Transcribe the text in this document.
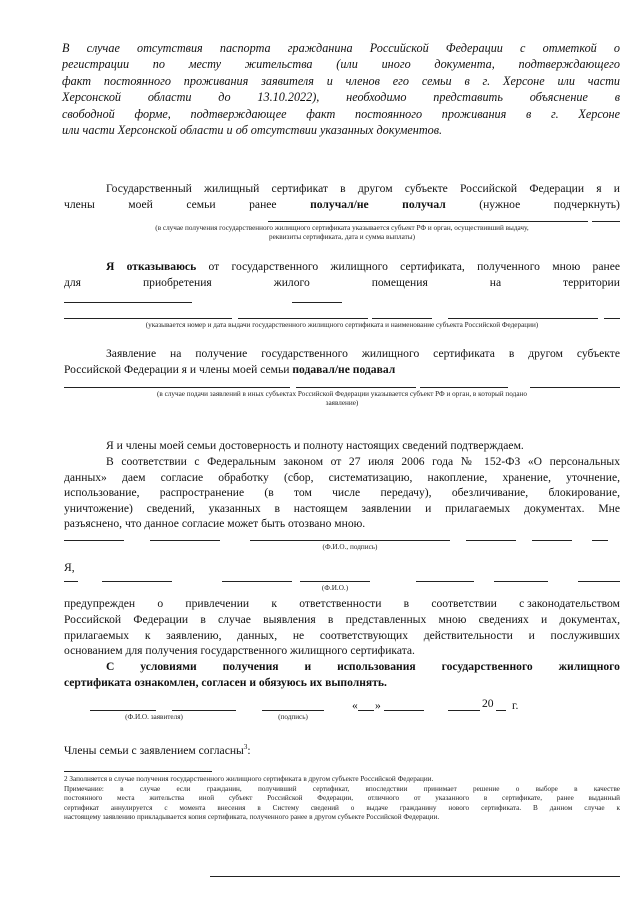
В случае отсутствия паспорта гражданина Российской Федерации с отметкой о
регистрации по месту жительства (или иного документа, подтверждающего
факт постоянного проживания заявителя и членов его семьи в г. Херсоне или части
Херсонской области до 13.10.2022), необходимо представить объяснение в
свободной форме, подтверждающее факт постоянного проживания в г. Херсоне
или части Херсонской области и об отсутствии указанных документов.
Государственный жилищный сертификат в другом субъекте Российской Федерации я и
члены	моей	семьи	ранее	получал/не	получал	(нужное	подчеркнуть)
(в случае получения государственного жилищного сертификата указывается субъект РФ и орган, осуществивший выдачу,
реквизиты сертификата, дата и сумма выплаты)
Я отказываюсь от государственного жилищного сертификата, полученного мною ранее
для	приобретения	жилого	помещения	на	территории
(указывается номер и дата выдачи государственного жилищного сертификата и наименование субъекта Российской Федерации)
Заявление на получение государственного жилищного сертификата в другом субъекте
Российской Федерации я и члены моей семьи подавал/не подавал
(в случае подачи заявлений в иных субъектах Российской Федерации указывается субъект РФ и орган, в который подано
заявление)
Я и члены моей семьи достоверность и полноту настоящих сведений подтверждаем.
В соответствии с Федеральным законом от 27 июля 2006 года № 152-ФЗ «О персональных
данных» даем согласие обработку (сбор, систематизацию, накопление, хранение, уточнение,
использование, распространение (в том числе передачу), обезличивание, блокирование,
уничтожение) сведений, указанных в настоящем заявлении и прилагаемых документах. Мне
разъяснено, что данное согласие может быть отозвано мною.
(Ф.И.О., подпись)
Я,
(Ф.И.О.)
предупрежден о привлечении к ответственности в соответствии с законодательством
Российской Федерации в случае выявления в представленных мною сведениях и документах,
прилагаемых к заявлению, данных, не соответствующих действительности и послуживших
основанием для получения государственного жилищного сертификата.
С условиями получения и использования государственного жилищного
сертификата ознакомлен, согласен и обязуюсь их выполнять.
« »	20 г.
(Ф.И.О. заявителя)	(подпись)
Члены семьи с заявлением согласны$^3$:
2 Заполняется в случае получения государственного жилищного сертификата в другом субъекте Российской Федерации.
Примечание: в случае если гражданин, получивший сертификат, впоследствии принимает решение о выборе в качестве
постоянного места жительства иной субъект Российской Федерации, отличного от указанного в сертификате, ранее выданный
сертификат аннулируется с момента внесения в Систему сведений о выдаче гражданину нового сертификата. В данном случае к
настоящему заявлению прикладывается копия сертификата, полученного ранее в другом субъекте Российской Федерации.
